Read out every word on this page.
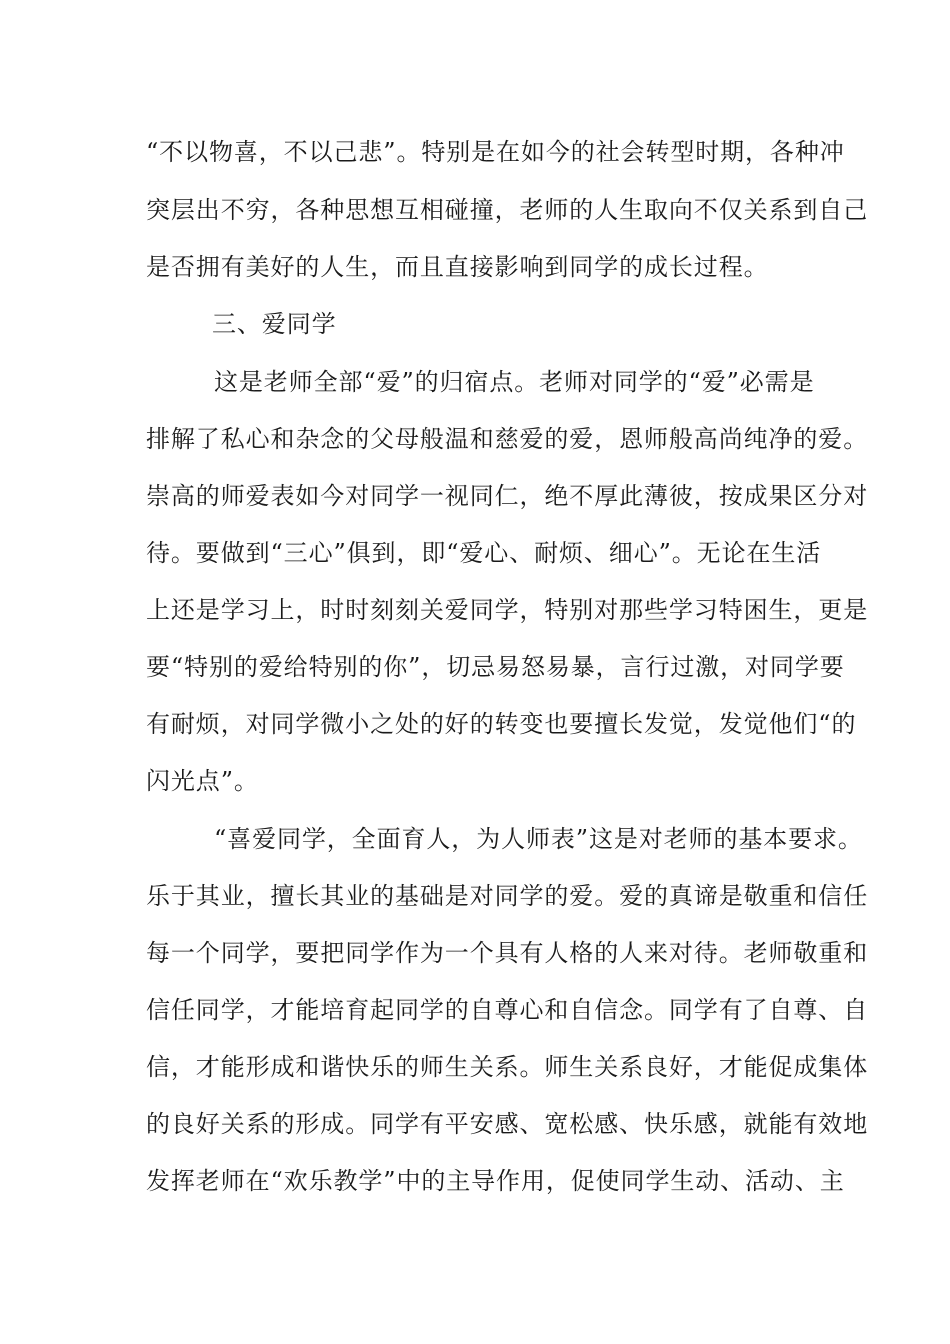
“不以物喜，不以己悲”。特别是在如今的社会转型时期，各种冲
突层出不穷，各种思想互相碰撞，老师的人生取向不仅关系到自己
是否拥有美好的人生，而且直接影响到同学的成长过程。
三、爱同学
这是老师全部“爱”的归宿点。老师对同学的“爱”必需是
排解了私心和杂念的父母般温和慈爱的爱，恩师般高尚纯净的爱。
崇高的师爱表如今对同学一视同仁，绝不厚此薄彼，按成果区分对
待。要做到“三心”俱到，即“爱心、耐烦、细心”。无论在生活
上还是学习上，时时刻刻关爱同学，特别对那些学习特困生，更是
要“特别的爱给特别的你”，切忌易怒易暴，言行过激，对同学要
有耐烦，对同学微小之处的好的转变也要擅长发觉，发觉他们“的
闪光点”。
“喜爱同学，全面育人，为人师表”这是对老师的基本要求。
乐于其业，擅长其业的基础是对同学的爱。爱的真谛是敬重和信任
每一个同学，要把同学作为一个具有人格的人来对待。老师敬重和
信任同学，才能培育起同学的自尊心和自信念。同学有了自尊、自
信，才能形成和谐快乐的师生关系。师生关系良好，才能促成集体
的良好关系的形成。同学有平安感、宽松感、快乐感，就能有效地
发挥老师在“欢乐教学”中的主导作用，促使同学生动、活动、主
